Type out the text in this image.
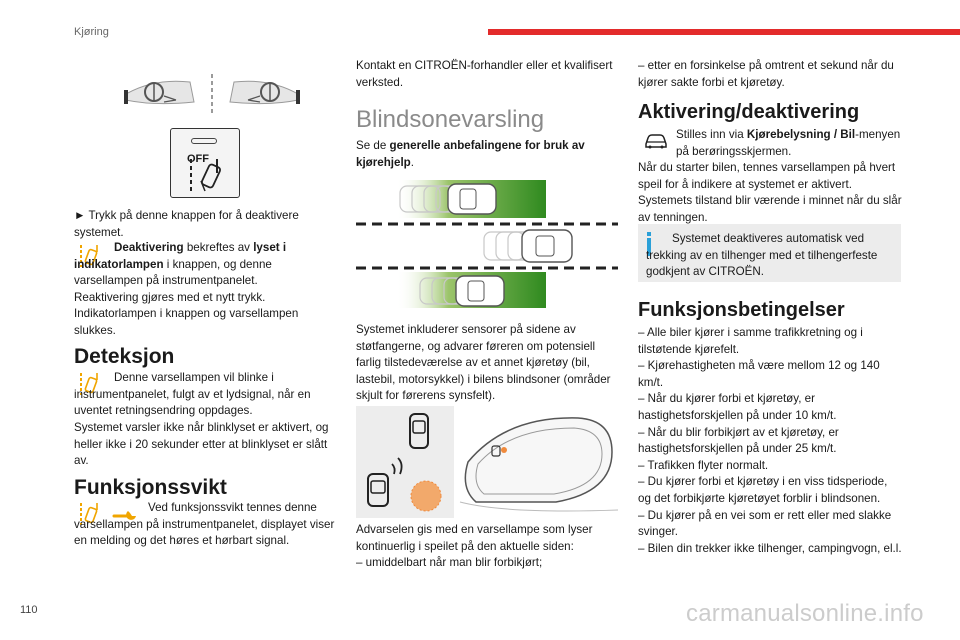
Kjøring
OFF

► Trykk på denne knappen for å deaktivere systemet.

Deaktivering bekreftes av lyset i indikatorlampen i knappen, og denne varsellampen på instrumentpanelet.

Reaktivering gjøres med et nytt trykk.

Indikatorlampen i knappen og varsellampen slukkes.

Deteksjon

Denne varsellampen vil blinke i instrumentpanelet, fulgt av et lydsignal, når en uventet retningsendring oppdages.

Systemet varsler ikke når blinklyset er aktivert, og heller ikke i 20 sekunder etter at blinklyset er slått av.

Funksjonssvikt

Ved funksjonssvikt tennes denne varsellampen på instrumentpanelet, displayet viser en melding og det høres et hørbart signal.

Kontakt en CITROËN-forhandler eller et kvalifisert verksted.

Blindsonevarsling

Se de generelle anbefalingene for bruk av kjørehjelp.

Systemet inkluderer sensorer på sidene av støtfangerne, og advarer føreren om potensiell farlig tilstedeværelse av et annet kjøretøy (bil, lastebil, motorsykkel) i bilens blindsoner (områder skjult for førerens synsfelt).

Advarselen gis med en varsellampe som lyser kontinuerlig i speilet på den aktuelle siden:

– umiddelbart når man blir forbikjørt;

– etter en forsinkelse på omtrent et sekund når du kjører sakte forbi et kjøretøy.

Aktivering/deaktivering

Stilles inn via Kjørebelysning / Bil-menyen på berøringsskjermen.

Når du starter bilen, tennes varsellampen på hvert speil for å indikere at systemet er aktivert.

Systemets tilstand blir værende i minnet når du slår av tenningen.

Systemet deaktiveres automatisk ved trekking av en tilhenger med et tilhengerfeste godkjent av CITROËN.

Funksjonsbetingelser

– Alle biler kjører i samme trafikkretning og i tilstøtende kjørefelt.

– Kjørehastigheten må være mellom 12 og 140 km/t.

– Når du kjører forbi et kjøretøy, er hastighetsforskjellen på under 10 km/t.

– Når du blir forbikjørt av et kjøretøy, er hastighetsforskjellen på under 25 km/t.

– Trafikken flyter normalt.

– Du kjører forbi et kjøretøy i en viss tidsperiode, og det forbikjørte kjøretøyet forblir i blindsonen.

– Du kjører på en vei som er rett eller med slakke svinger.

– Bilen din trekker ikke tilhenger, campingvogn, el.l.

110	carmanualsonline.info
